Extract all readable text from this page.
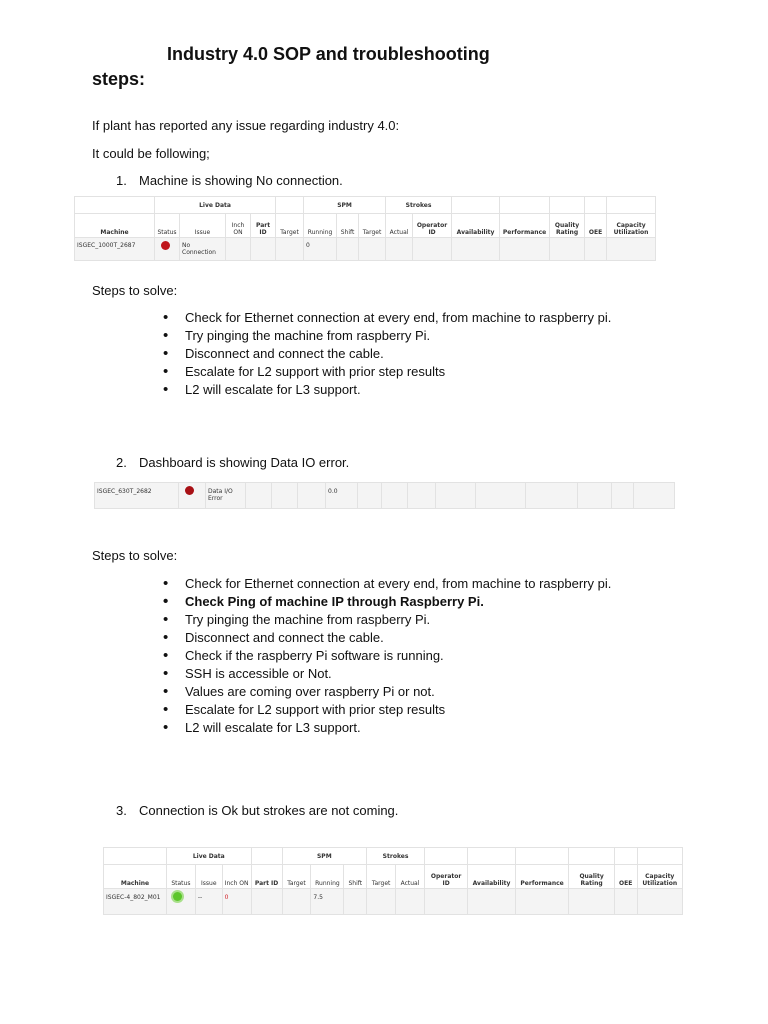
Industry 4.0 SOP and troubleshooting
steps:
If plant has reported any issue regarding industry 4.0:
It could be following;
1. Machine is showing No connection.
	Live Data					SPM			Strokes						
Machine	Status	Issue	Inch ON	Part ID	Target	Running	Shift	Target	Actual	Operator ID	Availability	Performance	Quality Rating	OEE	Capacity Utilization
ISGEC_1000T_2687		No Connection				0									
Steps to solve:
• Check for Ethernet connection at every end, from machine to raspberry pi.
• Try pinging the machine from raspberry Pi.
• Disconnect and connect the cable.
• Escalate for L2 support with prior step results
• L2 will escalate for L3 support.
2. Dashboard is showing Data IO error.
ISGEC_630T_2682		Data I/O Error				0.0									
Steps to solve:
• Check for Ethernet connection at every end, from machine to raspberry pi.
• Check Ping of machine IP through Raspberry Pi.
• Try pinging the machine from raspberry Pi.
• Disconnect and connect the cable.
• Check if the raspberry Pi software is running.
• SSH is accessible or Not.
• Values are coming over raspberry Pi or not.
• Escalate for L2 support with prior step results
• L2 will escalate for L3 support.
3. Connection is Ok but strokes are not coming.
	Live Data				SPM			Strokes							
Machine	Status	Issue	Inch ON	Part ID	Target	Running	Shift	Target	Actual	Operator ID	Availability	Performance	Quality Rating	OEE	Capacity Utilization
ISGEC-4_802_M01		--	0			7.5									
